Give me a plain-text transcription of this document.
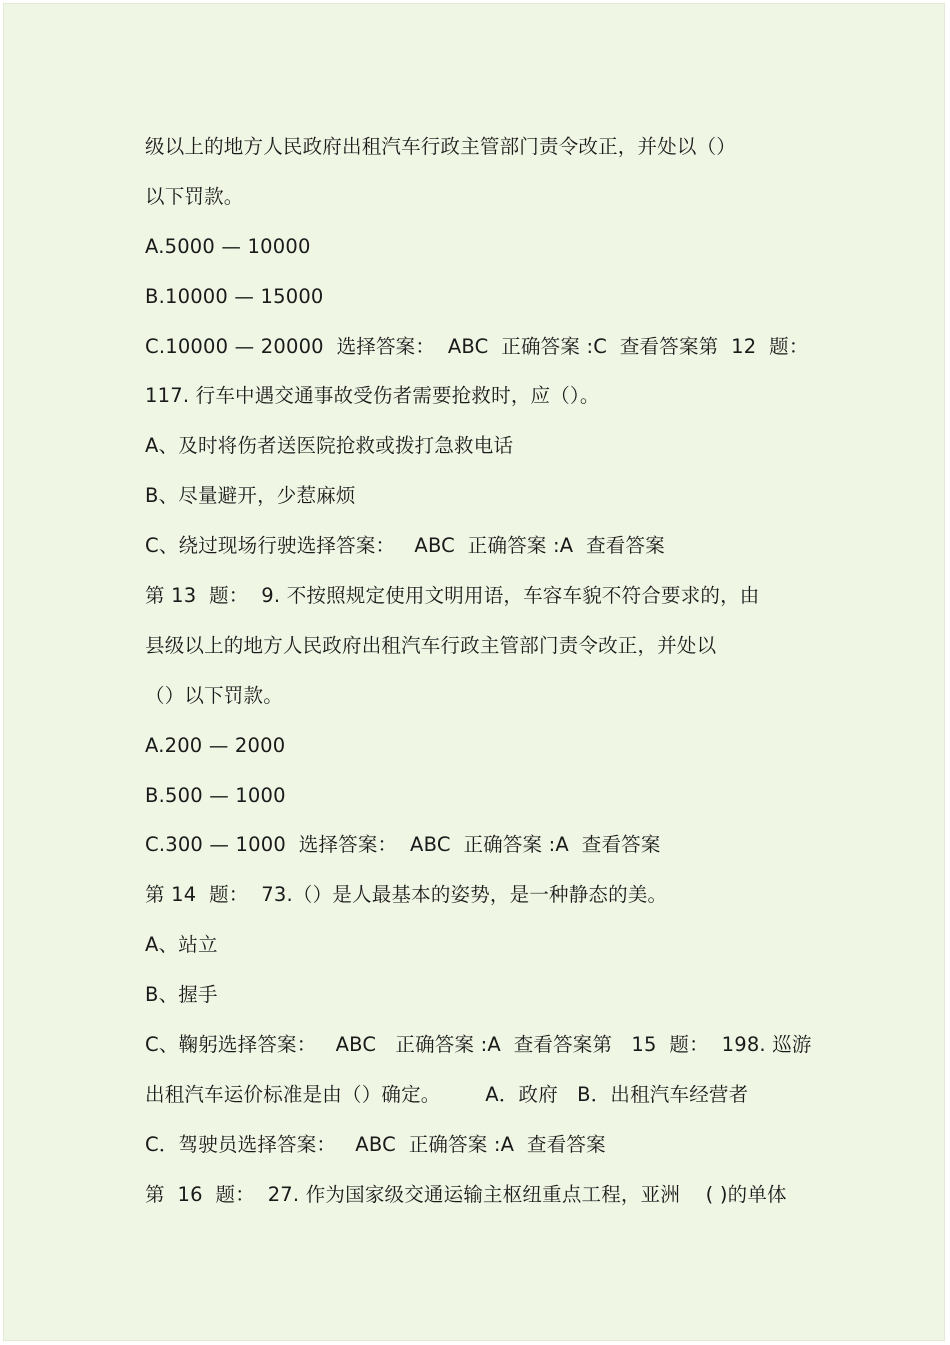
级以上的地方人民政府出租汽车行政主管部门责令改正，并处以（）
以下罚款。
A.5000 — 10000
B.10000 — 15000
C.10000 — 20000  选择答案：  ABC  正确答案 :C  查看答案第  12  题：
117. 行车中遇交通事故受伤者需要抢救时，应（）。
A、及时将伤者送医院抢救或拨打急救电话
B、尽量避开，少惹麻烦
C、绕过现场行驶选择答案：   ABC  正确答案 :A  查看答案
第 13  题：  9. 不按照规定使用文明用语，车容车貌不符合要求的，由
县级以上的地方人民政府出租汽车行政主管部门责令改正，并处以
（）以下罚款。
A.200 — 2000
B.500 — 1000
C.300 — 1000  选择答案：  ABC  正确答案 :A  查看答案
第 14  题：  73.（）是人最基本的姿势，是一种静态的美。
A、站立
B、握手
C、鞠躬选择答案：   ABC   正确答案 :A  查看答案第   15  题：  198. 巡游
出租汽车运价标准是由（）确定。       A．政府   B．出租汽车经营者
C．驾驶员选择答案：   ABC  正确答案 :A  查看答案
第  16  题：  27. 作为国家级交通运输主枢纽重点工程，亚洲    ( )的单体
